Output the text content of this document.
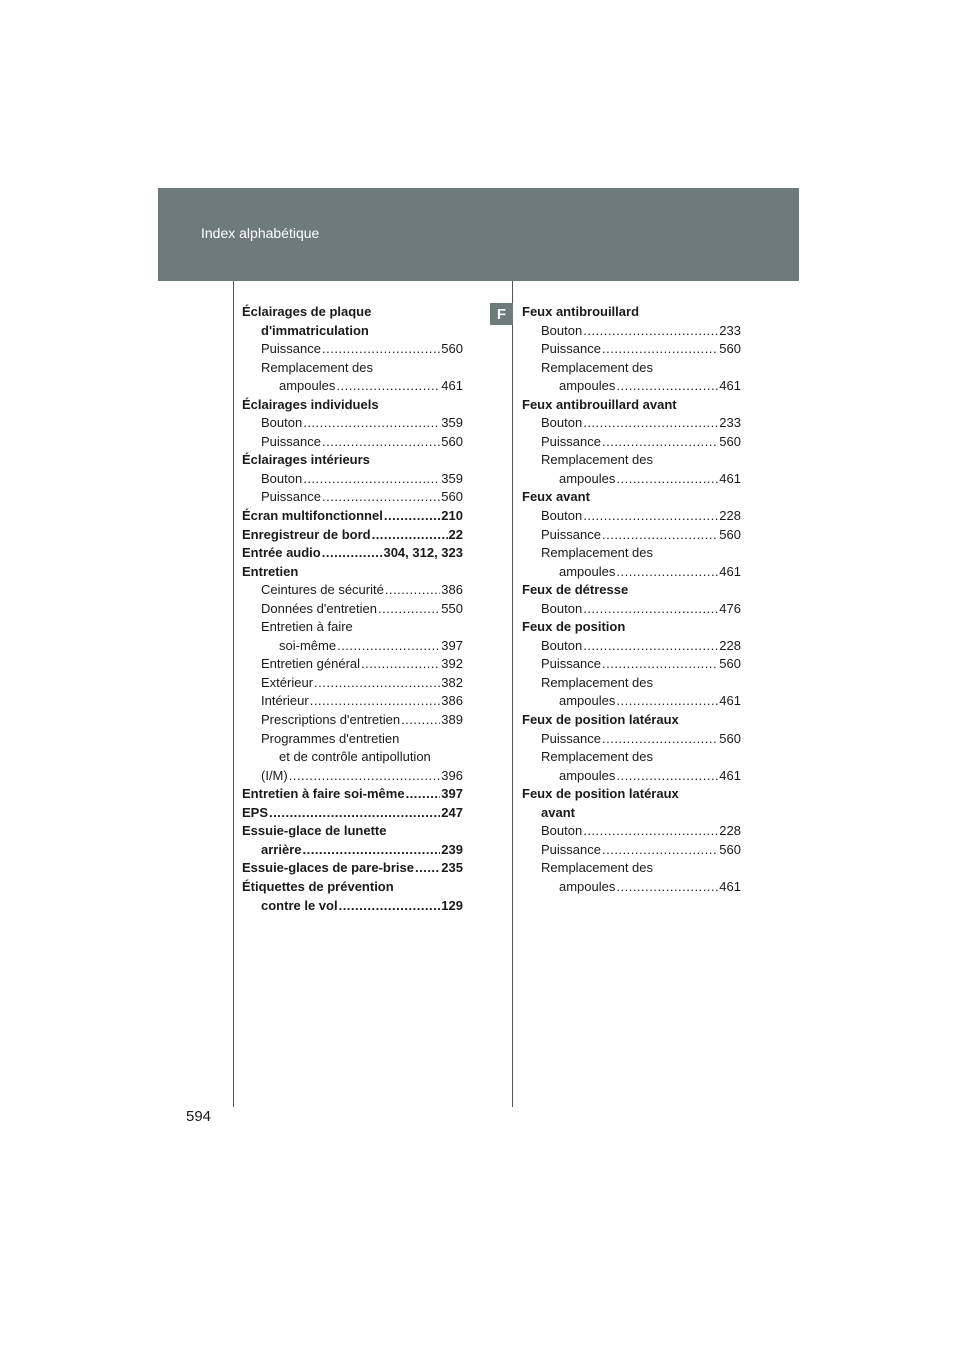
Index alphabétique
F
Éclairages de plaque
d'immatriculation
Puissance .....	560
Remplacement des
ampoules .....	461
Éclairages individuels
Bouton .....	359
Puissance .....	560
Éclairages intérieurs
Bouton .....	359
Puissance .....	560
Écran multifonctionnel .....	210
Enregistreur de bord .....	22
Entrée audio .....	304, 312, 323
Entretien
Ceintures de sécurité .....	386
Données d'entretien .....	550
Entretien à faire
soi-même .....	397
Entretien général .....	392
Extérieur .....	382
Intérieur .....	386
Prescriptions d'entretien .....	389
Programmes d'entretien
et de contrôle antipollution
(I/M) .....	396
Entretien à faire soi-même .....	397
EPS .....	247
Essuie-glace de lunette
arrière .....	239
Essuie-glaces de pare-brise ..... 235
Étiquettes de prévention
contre le vol .....	129
Feux antibrouillard
Bouton .....	233
Puissance .....	560
Remplacement des
ampoules .....	461
Feux antibrouillard avant
Bouton .....	233
Puissance .....	560
Remplacement des
ampoules .....	461
Feux avant
Bouton .....	228
Puissance .....	560
Remplacement des
ampoules .....	461
Feux de détresse
Bouton .....	476
Feux de position
Bouton .....	228
Puissance .....	560
Remplacement des
ampoules .....	461
Feux de position latéraux
Puissance .....	560
Remplacement des
ampoules .....	461
Feux de position latéraux
avant
Bouton .....	228
Puissance .....	560
Remplacement des
ampoules .....	461
594
